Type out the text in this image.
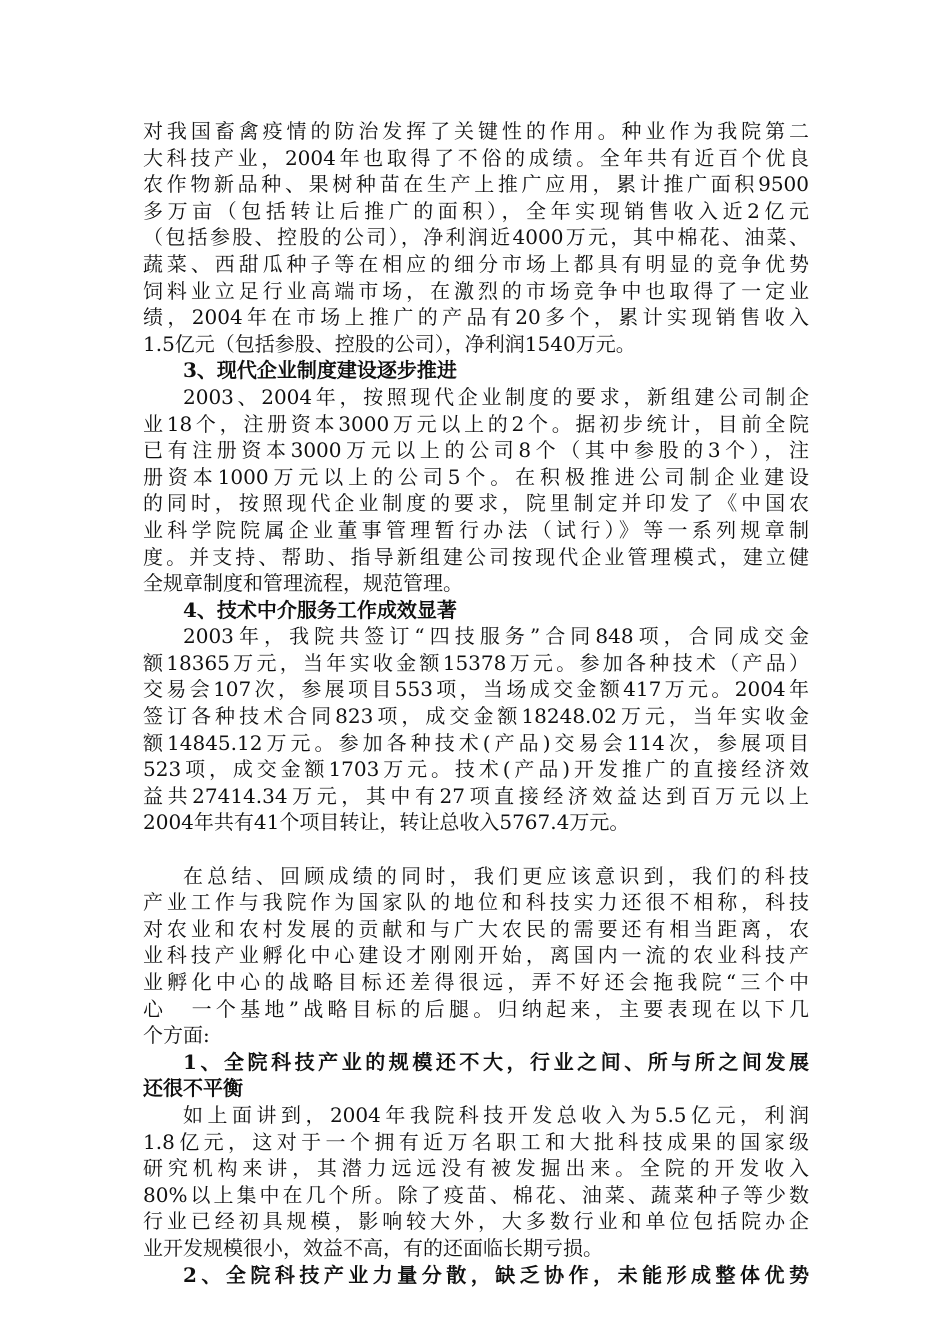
对我国畜禽疫情的防治发挥了关键性的作用。种业作为我院第二
大科技产业，2004年也取得了不俗的成绩。全年共有近百个优良
农作物新品种、果树种苗在生产上推广应用，累计推广面积9500
多万亩（包括转让后推广的面积），全年实现销售收入近2亿元
（包括参股、控股的公司），净利润近4000万元，其中棉花、油菜、
蔬菜、西甜瓜种子等在相应的细分市场上都具有明显的竞争优势
饲料业立足行业高端市场，在激烈的市场竞争中也取得了一定业
绩，2004年在市场上推广的产品有20多个，累计实现销售收入
1.5亿元（包括参股、控股的公司），净利润1540万元。
3、现代企业制度建设逐步推进
2003、2004年，按照现代企业制度的要求，新组建公司制企
业18个，注册资本3000万元以上的2个。据初步统计，目前全院
已有注册资本3000万元以上的公司8个（其中参股的3个），注
册资本1000万元以上的公司5个。在积极推进公司制企业建设
的同时，按照现代企业制度的要求，院里制定并印发了《中国农
业科学院院属企业董事管理暂行办法（试行）》等一系列规章制
度。并支持、帮助、指导新组建公司按现代企业管理模式，建立健
全规章制度和管理流程，规范管理。
4、技术中介服务工作成效显著
2003年，我院共签订“四技服务”合同848项，合同成交金
额18365万元，当年实收金额15378万元。参加各种技术（产品）
交易会107次，参展项目553项，当场成交金额417万元。2004年
签订各种技术合同823项，成交金额18248.02万元，当年实收金
额14845.12万元。参加各种技术(产品)交易会114次，参展项目
523项，成交金额1703万元。技术(产品)开发推广的直接经济效
益共27414.34万元，其中有27项直接经济效益达到百万元以上
2004年共有41个项目转让，转让总收入5767.4万元。
在总结、回顾成绩的同时，我们更应该意识到，我们的科技
产业工作与我院作为国家队的地位和科技实力还很不相称，科技
对农业和农村发展的贡献和与广大农民的需要还有相当距离，农
业科技产业孵化中心建设才刚刚开始，离国内一流的农业科技产
业孵化中心的战略目标还差得很远，弄不好还会拖我院“三个中
心　一个基地”战略目标的后腿。归纳起来，主要表现在以下几
个方面:
1、全院科技产业的规模还不大，行业之间、所与所之间发展
还很不平衡
如上面讲到，2004年我院科技开发总收入为5.5亿元，利润
1.8亿元，这对于一个拥有近万名职工和大批科技成果的国家级
研究机构来讲，其潜力远远没有被发掘出来。全院的开发收入
80%以上集中在几个所。除了疫苗、棉花、油菜、蔬菜种子等少数
行业已经初具规模，影响较大外，大多数行业和单位包括院办企
业开发规模很小，效益不高，有的还面临长期亏损。
2、全院科技产业力量分散，缺乏协作，未能形成整体优势
